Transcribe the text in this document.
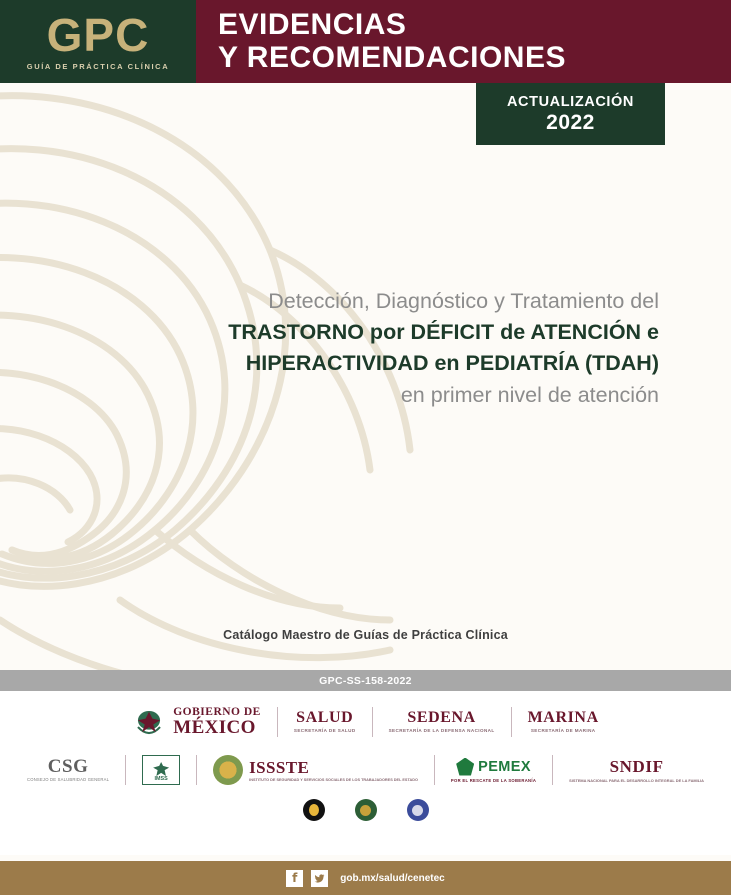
GPC
GUÍA DE PRÁCTICA CLÍNICA
EVIDENCIAS
Y RECOMENDACIONES
ACTUALIZACIÓN
2022
Detección, Diagnóstico y Tratamiento del
TRASTORNO por DÉFICIT de ATENCIÓN e
HIPERACTIVIDAD en PEDIATRÍA (TDAH)
en primer nivel de atención
Catálogo Maestro de Guías de Práctica Clínica
GPC-SS-158-2022
GOBIERNO DE
MÉXICO	SALUD
SECRETARÍA DE SALUD
SEDENA
SECRETARÍA DE LA DEFENSA NACIONAL
MARINA
SECRETARÍA DE MARINA
CSG
CONSEJO DE SALUBRIDAD GENERAL	IMSS
ISSSTE
INSTITUTO DE SEGURIDAD Y SERVICIOS SOCIALES DE LOS TRABAJADORES DEL ESTADO
PEMEX
POR EL RESCATE DE LA SOBERANÍA
SNDIF
SISTEMA NACIONAL PARA EL DESARROLLO INTEGRAL DE LA FAMILIA
f	gob.mx/salud/cenetec
